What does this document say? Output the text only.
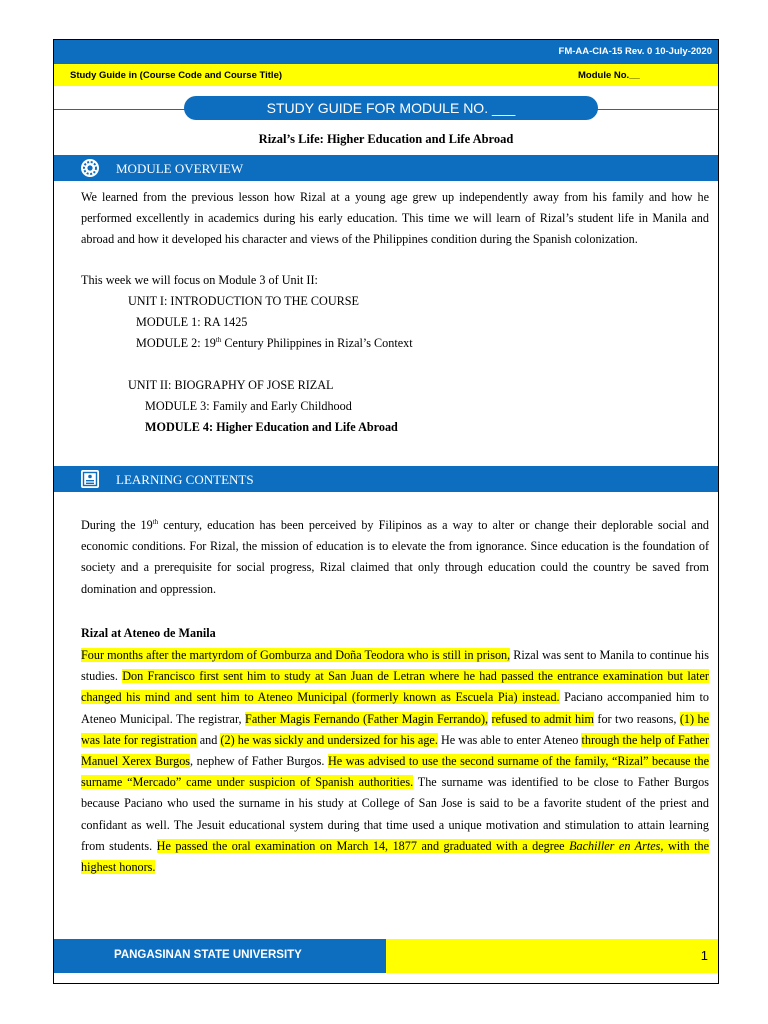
FM-AA-CIA-15 Rev. 0 10-July-2020
Study Guide in (Course Code and Course Title)	Module No.__
STUDY GUIDE FOR MODULE NO. ___
Rizal’s Life: Higher Education and Life Abroad
MODULE OVERVIEW

We learned from the previous lesson how Rizal at a young age grew up independently away from his family and how he performed excellently in academics during his early education. This time we will learn of Rizal’s student life in Manila and abroad and how it developed his character and views of the Philippines condition during the Spanish colonization.

This week we will focus on Module 3 of Unit II:
UNIT I: INTRODUCTION TO THE COURSE
MODULE 1: RA 1425
MODULE 2: 19th Century Philippines in Rizal’s Context
UNIT II: BIOGRAPHY OF JOSE RIZAL
MODULE 3: Family and Early Childhood
MODULE 4: Higher Education and Life Abroad
LEARNING CONTENTS

During the 19th century, education has been perceived by Filipinos as a way to alter or change their deplorable social and economic conditions. For Rizal, the mission of education is to elevate the from ignorance. Since education is the foundation of society and a prerequisite for social progress, Rizal claimed that only through education could the country be saved from domination and oppression.

Rizal at Ateneo de Manila

Four months after the martyrdom of Gomburza and Doña Teodora who is still in prison, Rizal was sent to Manila to continue his studies. Don Francisco first sent him to study at San Juan de Letran where he had passed the entrance examination but later changed his mind and sent him to Ateneo Municipal (formerly known as Escuela Pia) instead. Paciano accompanied him to Ateneo Municipal. The registrar, Father Magis Fernando (Father Magin Ferrando), refused to admit him for two reasons, (1) he was late for registration and (2) he was sickly and undersized for his age. He was able to enter Ateneo through the help of Father Manuel Xerex Burgos, nephew of Father Burgos. He was advised to use the second surname of the family, “Rizal” because the surname “Mercado” came under suspicion of Spanish authorities. The surname was identified to be close to Father Burgos because Paciano who used the surname in his study at College of San Jose is said to be a favorite student of the priest and confidant as well. The Jesuit educational system during that time used a unique motivation and stimulation to attain learning from students. He passed the oral examination on March 14, 1877 and graduated with a degree Bachiller en Artes, with the highest honors.

PANGASINAN STATE UNIVERSITY	1
